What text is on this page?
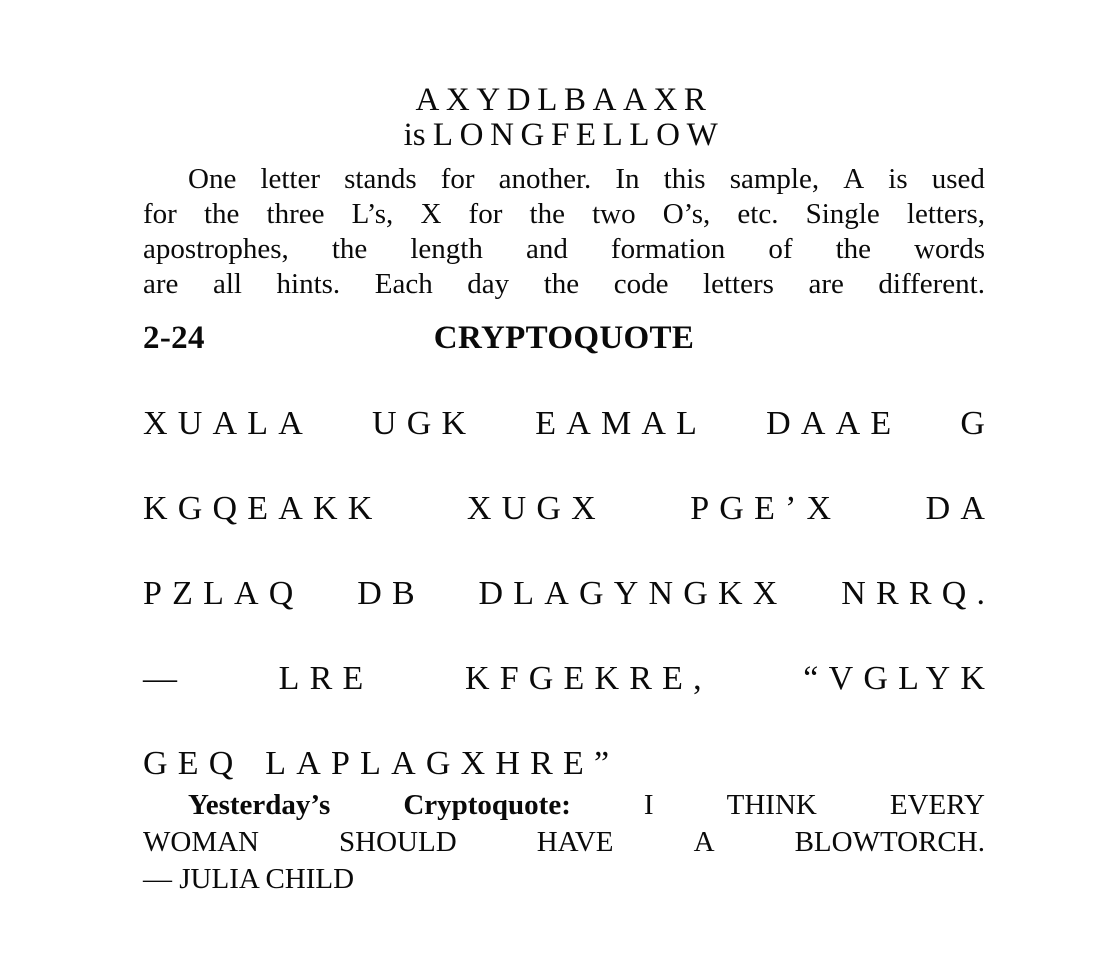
AXYDLBAAXR
is LONGFELLOW
One letter stands for another. In this sample, A is used
for the three L’s, X for the two O’s, etc. Single letters,
apostrophes, the length and formation of the words
are all hints. Each day the code letters are different.
2-24	CRYPTOQUOTE
XUALA UGK EAMAL DAAE G
KGQEAKK XUGX PGE’X DA
PZLAQ DB DLAGYNGKX NRRQ.
—	LRE	KFGEKRE,	“VGLYK
GEQ LAPLAGXHRE”
Yesterday’s	Cryptoquote:	I	THINK	EVERY
WOMAN	SHOULD	HAVE	A	BLOWTORCH.
— JULIA CHILD
